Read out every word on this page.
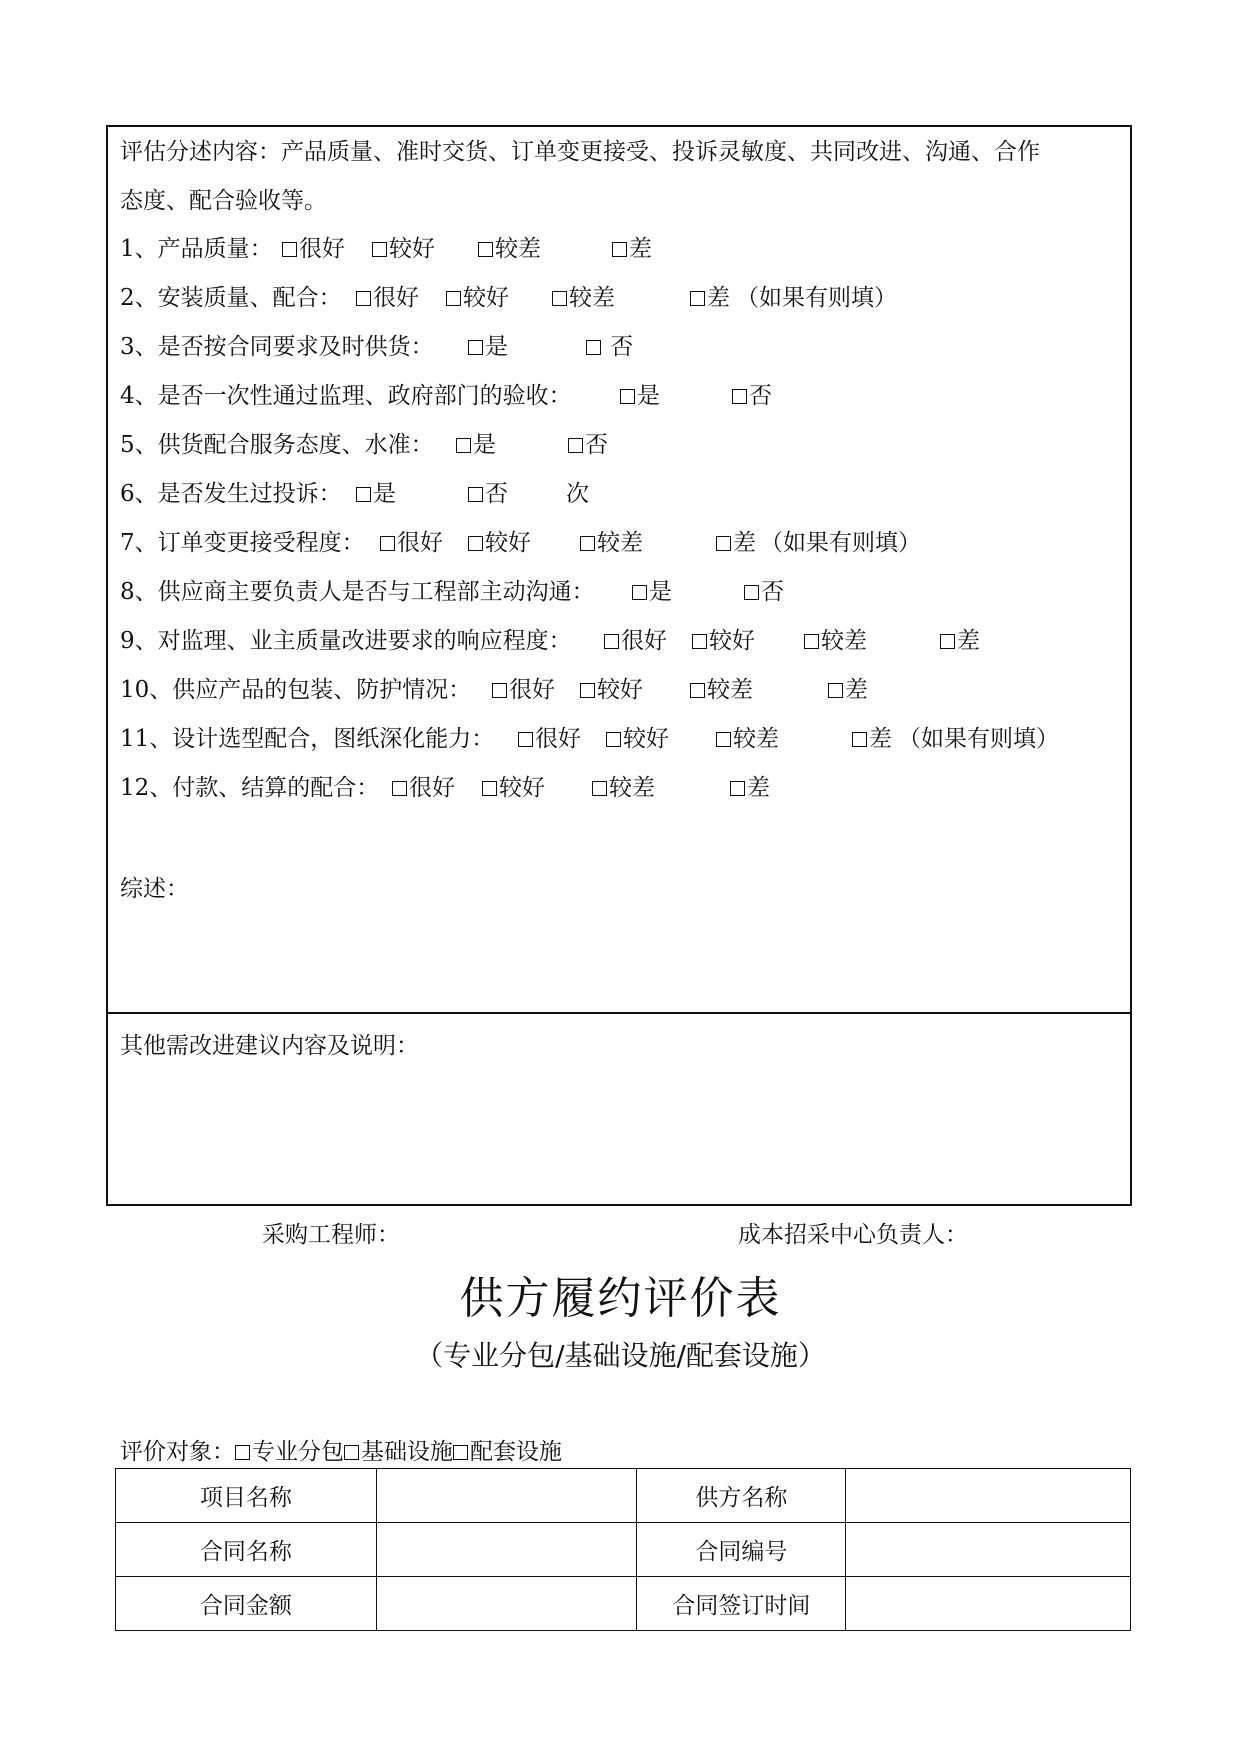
评估分述内容：产品质量、准时交货、订单变更接受、投诉灵敏度、共同改进、沟通、合作
态度、配合验收等。
1、产品质量：	很好	较好	较差	差
2、安装质量、配合：	很好	较好	较差	差 （如果有则填）
3、是否按合同要求及时供货：	是	否
4、是否一次性通过监理、政府部门的验收：	是	否
5、供货配合服务态度、水准：	是	否
6、是否发生过投诉：	是	否	次
7、订单变更接受程度：	很好	较好	较差	差 （如果有则填）
8、供应商主要负责人是否与工程部主动沟通：	是	否
9、对监理、业主质量改进要求的响应程度：	很好	较好	较差	差
10、供应产品的包装、防护情况：	很好	较好	较差	差
11、设计选型配合，图纸深化能力：	很好	较好	较差	差 （如果有则填）
12、付款、结算的配合：	很好	较好	较差	差
综述：
其他需改进建议内容及说明：
采购工程师：	成本招采中心负责人：
供方履约评价表
（专业分包/基础设施/配套设施）
评价对象： 专业分包 基础设施 配套设施
项目名称		供方名称	
合同名称		合同编号	
合同金额		合同签订时间	
